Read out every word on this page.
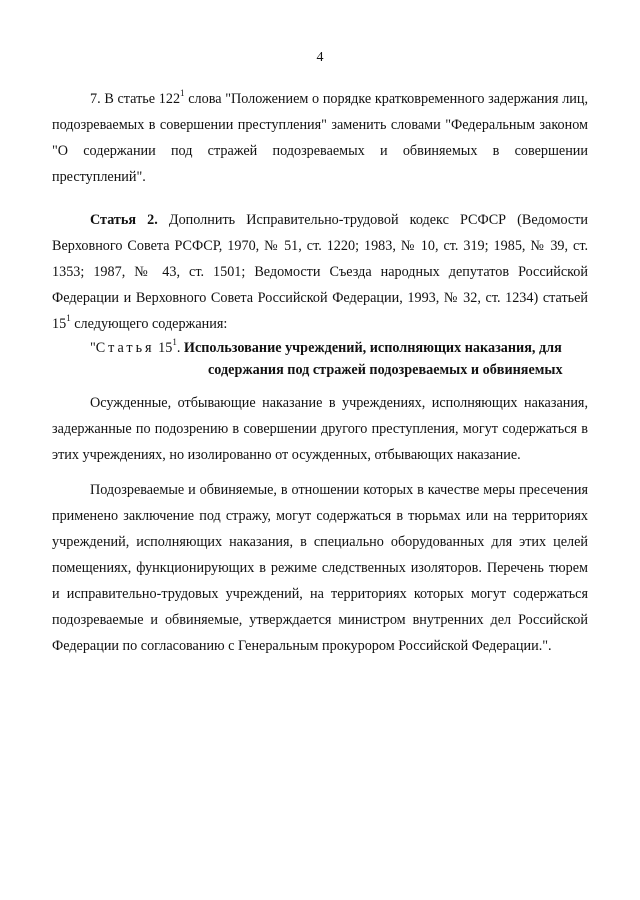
4

7. В статье $122^1$ слова "Положением о порядке кратковременного задержания лиц, подозреваемых в совершении преступления" заменить словами "Федеральным законом "О содержании под стражей подозреваемых и обвиняемых в совершении преступлений".

Статья 2. Дополнить Исправительно-трудовой кодекс РСФСР (Ведомости Верховного Совета РСФСР, 1970, № 51, ст. 1220; 1983, № 10, ст. 319; 1985, № 39, ст. 1353; 1987, № 43, ст. 1501; Ведомости Съезда народных депутатов Российской Федерации и Верховного Совета Российской Федерации, 1993, № 32, ст. 1234) статьей $15^1$ следующего содержания:

"Статья $15^1$. Использование учреждений, исполняющих наказания, для
содержания под стражей подозреваемых и обвиняемых

Осужденные, отбывающие наказание в учреждениях, исполняющих наказания, задержанные по подозрению в совершении другого преступления, могут содержаться в этих учреждениях, но изолированно от осужденных, отбывающих наказание.

Подозреваемые и обвиняемые, в отношении которых в качестве меры пресечения применено заключение под стражу, могут содержаться в тюрьмах или на территориях учреждений, исполняющих наказания, в специально оборудованных для этих целей помещениях, функционирующих в режиме следственных изоляторов. Перечень тюрем и исправительно-трудовых учреждений, на территориях которых могут содержаться подозреваемые и обвиняемые, утверждается министром внутренних дел Российской Федерации по согласованию с Генеральным прокурором Российской Федерации.".
